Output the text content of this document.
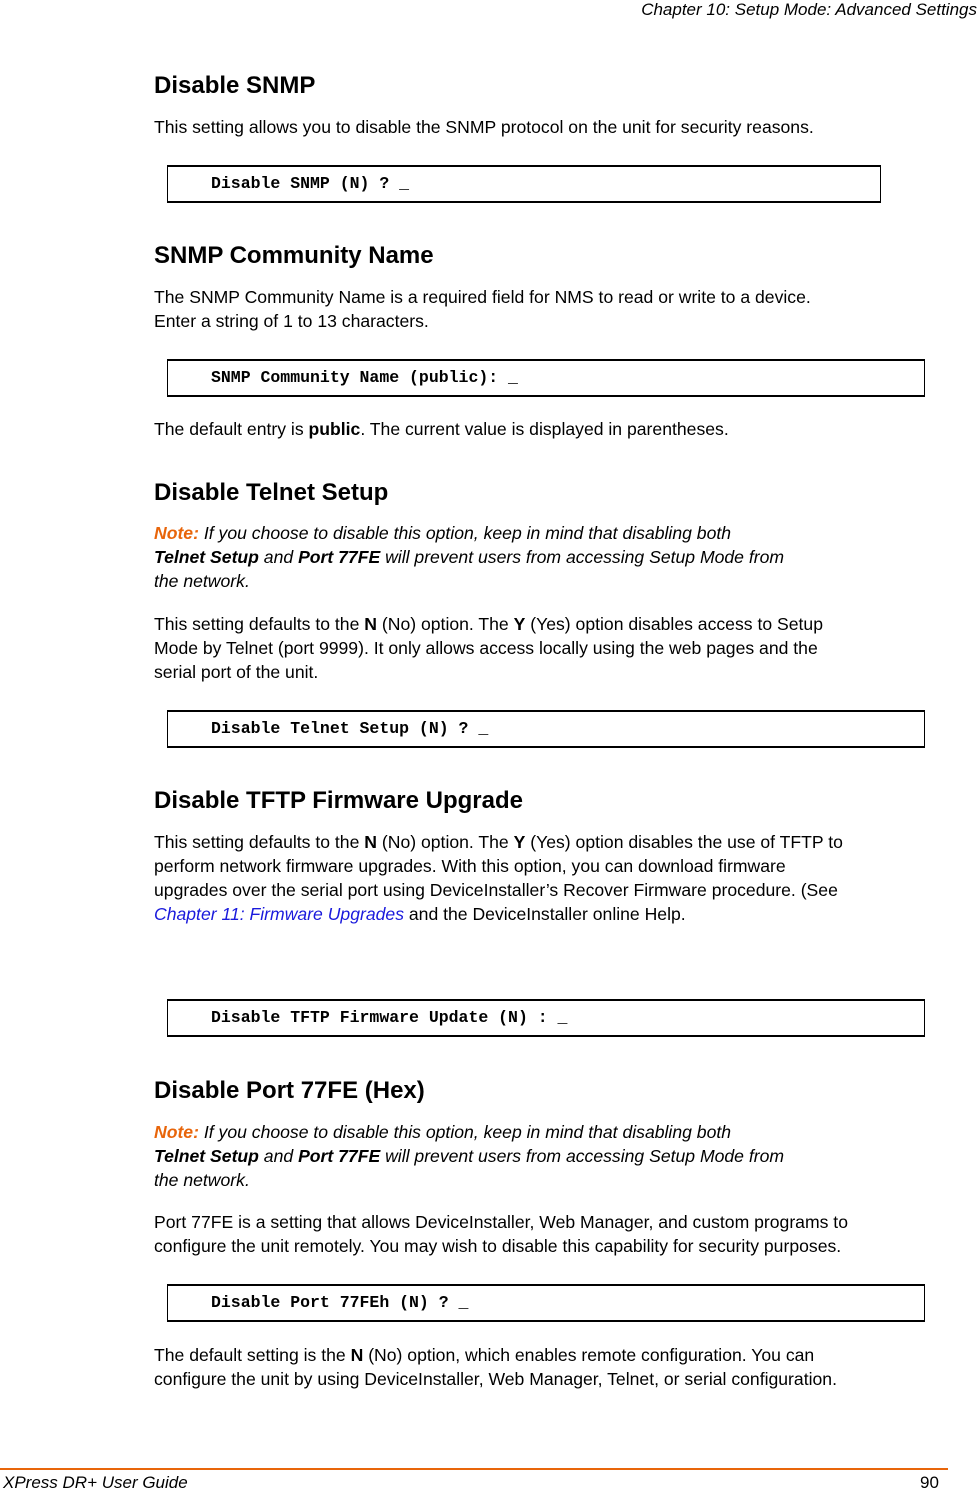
Chapter 10: Setup Mode: Advanced Settings
Disable SNMP

This setting allows you to disable the SNMP protocol on the unit for security reasons.

Disable SNMP (N) ? _
SNMP Community Name

The SNMP Community Name is a required field for NMS to read or write to a device.
Enter a string of 1 to 13 characters.

SNMP Community Name (public): _

The default entry is public. The current value is displayed in parentheses.

Disable Telnet Setup

Note: If you choose to disable this option, keep in mind that disabling both
Telnet Setup and Port 77FE will prevent users from accessing Setup Mode from
the network.

This setting defaults to the N (No) option. The Y (Yes) option disables access to Setup
Mode by Telnet (port 9999). It only allows access locally using the web pages and the
serial port of the unit.

Disable Telnet Setup (N) ? _
Disable TFTP Firmware Upgrade

This setting defaults to the N (No) option. The Y (Yes) option disables the use of TFTP to
perform network firmware upgrades. With this option, you can download firmware
upgrades over the serial port using DeviceInstaller’s Recover Firmware procedure. (See
Chapter 11: Firmware Upgrades and the DeviceInstaller online Help.

Disable TFTP Firmware Update (N) : _
Disable Port 77FE (Hex)

Note: If you choose to disable this option, keep in mind that disabling both
Telnet Setup and Port 77FE will prevent users from accessing Setup Mode from
the network.

Port 77FE is a setting that allows DeviceInstaller, Web Manager, and custom programs to
configure the unit remotely. You may wish to disable this capability for security purposes.

Disable Port 77FEh (N) ? _

The default setting is the N (No) option, which enables remote configuration. You can
configure the unit by using DeviceInstaller, Web Manager, Telnet, or serial configuration.

XPress DR+ User Guide	90
